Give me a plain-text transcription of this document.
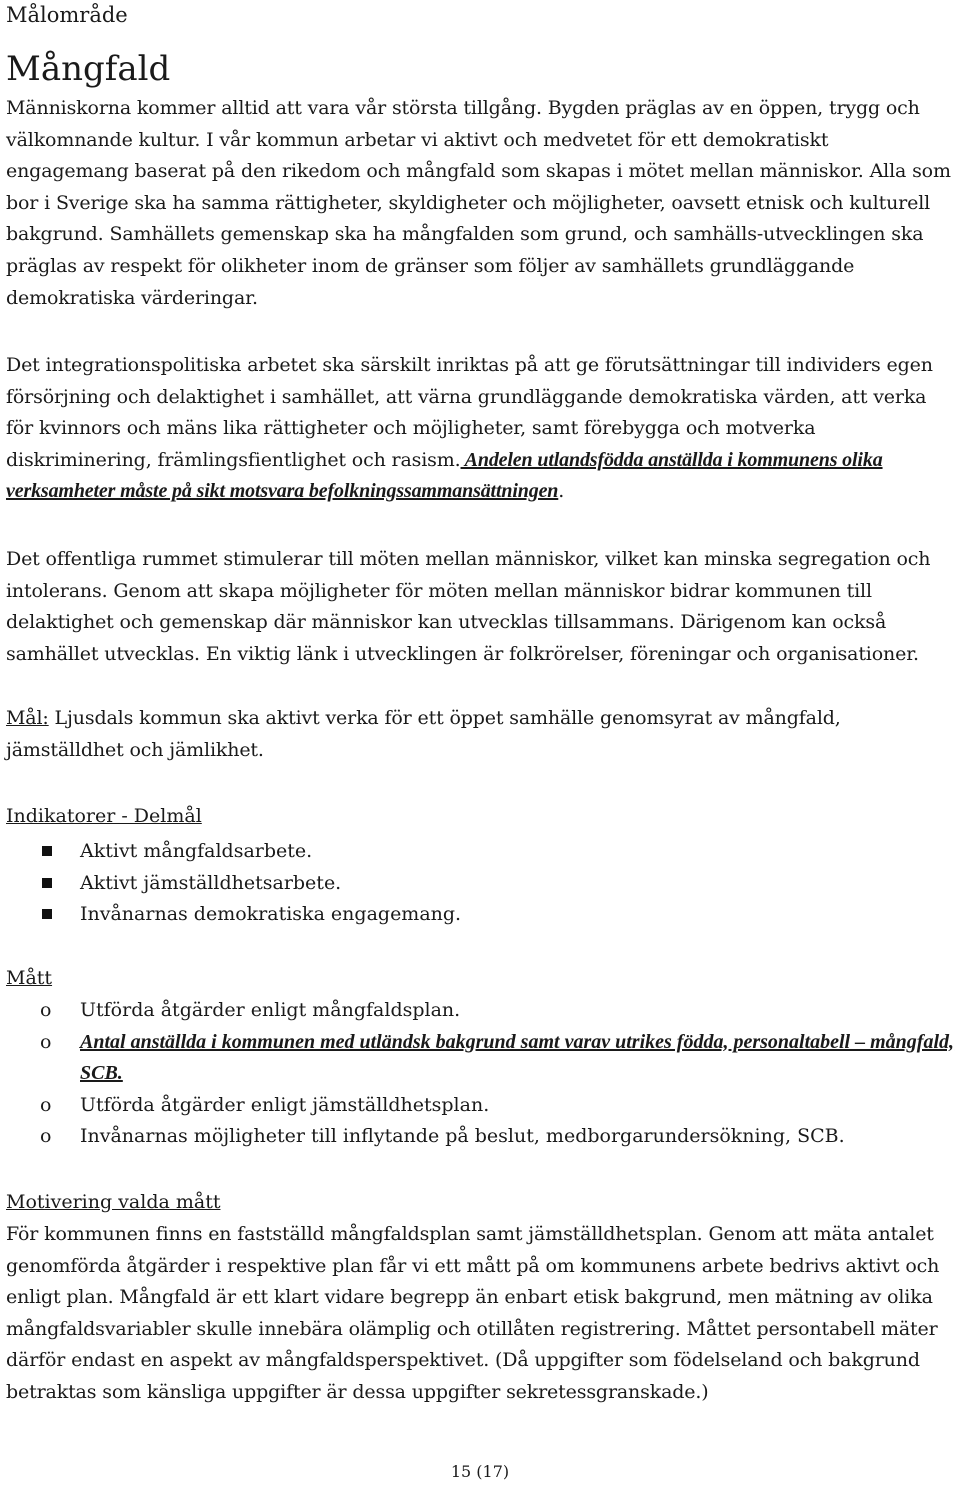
Målområde
Mångfald

Människorna kommer alltid att vara vår största tillgång. Bygden präglas av en öppen, trygg och välkomnande kultur. I vår kommun arbetar vi aktivt och medvetet för ett demokratiskt engagemang baserat på den rikedom och mångfald som skapas i mötet mellan människor. Alla som bor i Sverige ska ha samma rättigheter, skyldigheter och möjligheter, oavsett etnisk och kulturell bakgrund. Samhällets gemenskap ska ha mångfalden som grund, och samhälls-utvecklingen ska präglas av respekt för olikheter inom de gränser som följer av samhällets grundläggande demokratiska värderingar.

Det integrationspolitiska arbetet ska särskilt inriktas på att ge förutsättningar till individers egen försörjning och delaktighet i samhället, att värna grundläggande demokratiska värden, att verka för kvinnors och mäns lika rättigheter och möjligheter, samt förebygga och motverka diskriminering, främlingsfientlighet och rasism. Andelen utlandsfödda anställda i kommunens olika verksamheter måste på sikt motsvara befolkningssammansättningen.

Det offentliga rummet stimulerar till möten mellan människor, vilket kan minska segregation och intolerans. Genom att skapa möjligheter för möten mellan människor bidrar kommunen till delaktighet och gemenskap där människor kan utvecklas tillsammans. Därigenom kan också samhället utvecklas. En viktig länk i utvecklingen är folkrörelser, föreningar och organisationer.

Mål: Ljusdals kommun ska aktivt verka för ett öppet samhälle genomsyrat av mångfald, jämställdhet och jämlikhet.

Indikatorer - Delmål
Aktivt mångfaldsarbete.
Aktivt jämställdhetsarbete.
Invånarnas demokratiska engagemang.
Mått
o Utförda åtgärder enligt mångfaldsplan.
o Antal anställda i kommunen med utländsk bakgrund samt varav utrikes födda, personaltabell – mångfald, SCB.
o Utförda åtgärder enligt jämställdhetsplan.
o Invånarnas möjligheter till inflytande på beslut, medborgarundersökning, SCB.
Motivering valda mått

För kommunen finns en fastställd mångfaldsplan samt jämställdhetsplan. Genom att mäta antalet genomförda åtgärder i respektive plan får vi ett mått på om kommunens arbete bedrivs aktivt och enligt plan. Mångfald är ett klart vidare begrepp än enbart etisk bakgrund, men mätning av olika mångfaldsvariabler skulle innebära olämplig och otillåten registrering. Måttet persontabell mäter därför endast en aspekt av mångfaldsperspektivet. (Då uppgifter som födelseland och bakgrund betraktas som känsliga uppgifter är dessa uppgifter sekretessgranskade.)

15 (17)
